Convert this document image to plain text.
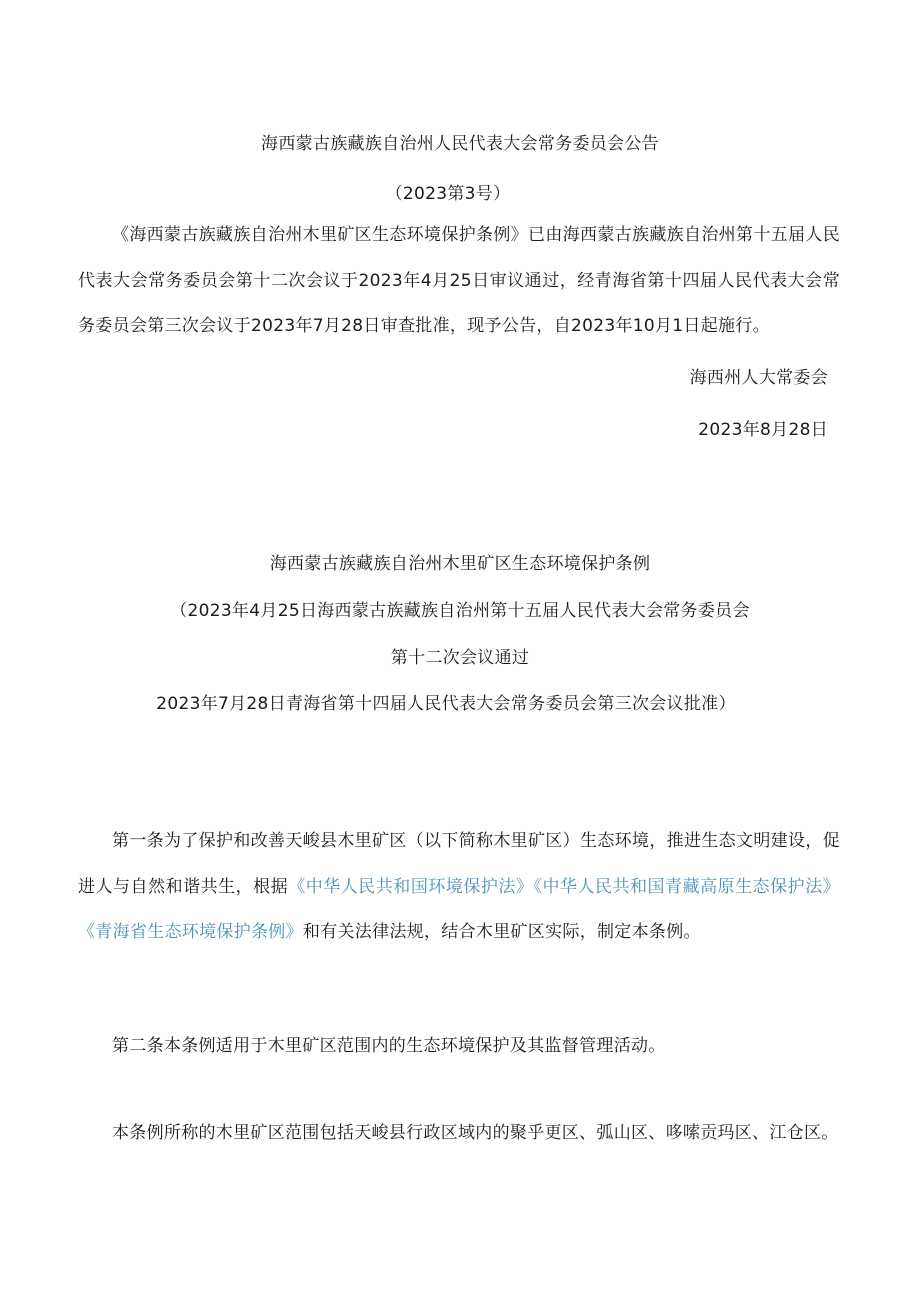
海西蒙古族藏族自治州人民代表大会常务委员会公告
（2023第3号）
《海西蒙古族藏族自治州木里矿区生态环境保护条例》已由海西蒙古族藏族自治州第十五届人民代表大会常务委员会第十二次会议于2023年4月25日审议通过，经青海省第十四届人民代表大会常务委员会第三次会议于2023年7月28日审查批准，现予公告，自2023年10月1日起施行。
海西州人大常委会
2023年8月28日
海西蒙古族藏族自治州木里矿区生态环境保护条例
（2023年4月25日海西蒙古族藏族自治州第十五届人民代表大会常务委员会
第十二次会议通过
2023年7月28日青海省第十四届人民代表大会常务委员会第三次会议批准）
第一条为了保护和改善天峻县木里矿区（以下简称木里矿区）生态环境，推进生态文明建设，促进人与自然和谐共生，根据《中华人民共和国环境保护法》《中华人民共和国青藏高原生态保护法》《青海省生态环境保护条例》和有关法律法规，结合木里矿区实际，制定本条例。
第二条本条例适用于木里矿区范围内的生态环境保护及其监督管理活动。
本条例所称的木里矿区范围包括天峻县行政区域内的聚乎更区、弧山区、哆嗦贡玛区、江仓区。
